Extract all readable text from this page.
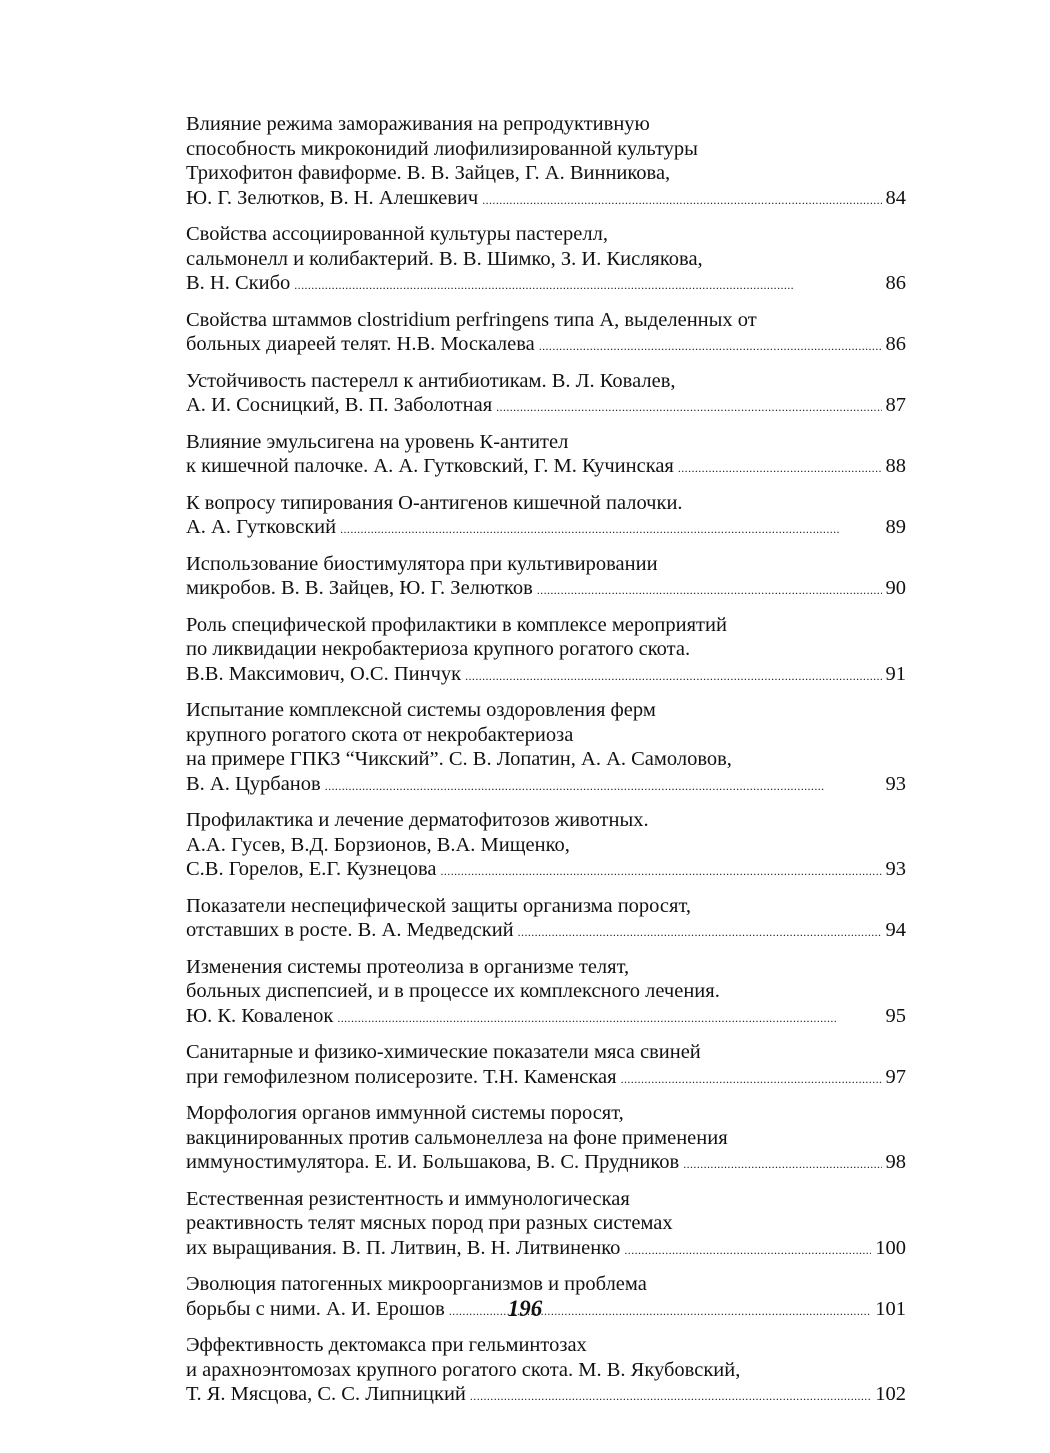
Влияние режима замораживания на репродуктивную
способность микроконидий лиофилизированной культуры
Трихофитон фавиформе. В. В. Зайцев, Г. А. Винникова,
Ю. Г. Зелютков, В. Н. Алешкевич . . .	84
Свойства ассоциированной культуры пастерелл,
сальмонелл и колибактерий. В. В. Шимко, З. И. Кислякова,
В. Н. Скибо . . .	86
Свойства штаммов clostridium perfringens типа А, выделенных от
больных диареей телят. Н.В. Москалева . . .	86
Устойчивость пастерелл к антибиотикам. В. Л. Ковалев,
А. И. Сосницкий, В. П. Заболотная . . .	87
Влияние эмульсигена на уровень К-антител
к кишечной палочке. А. А. Гутковский, Г. М. Кучинская . . .	88
К вопросу типирования О-антигенов кишечной палочки.
А. А. Гутковский . . .	89
Использование биостимулятора при культивировании
микробов. В. В. Зайцев, Ю. Г. Зелютков . . .	90
Роль специфической профилактики в комплексе мероприятий
по ликвидации некробактериоза крупного рогатого скота.
В.В. Максимович, О.С. Пинчук . . .	91
Испытание комплексной системы оздоровления ферм
крупного рогатого скота от некробактериоза
на примере ГПКЗ “Чикский”. С. В. Лопатин, А. А. Самоловов,
В. А. Цурбанов . . .	93
Профилактика и лечение дерматофитозов животных.
А.А. Гусев, В.Д. Борзионов, В.А. Мищенко,
С.В. Горелов, Е.Г. Кузнецова . . .	93
Показатели неспецифической защиты организма поросят,
отставших в росте. В. А. Медведский . . .	94
Изменения системы протеолиза в организме телят,
больных диспепсией, и в процессе их комплексного лечения.
Ю. К. Коваленок . . .	95
Санитарные и физико-химические показатели мяса свиней
при гемофилезном полисерозите. Т.Н. Каменская . . .	97
Морфология органов иммунной системы поросят,
вакцинированных против сальмонеллеза на фоне применения
иммуностимулятора. Е. И. Большакова, В. С. Прудников . . .	98
Естественная резистентность и иммунологическая
реактивность телят мясных пород при разных системах
их выращивания. В. П. Литвин, В. Н. Литвиненко . . .	100
Эволюция патогенных микроорганизмов и проблема
борьбы с ними. А. И. Ерошов . . .	101
Эффективность дектомакса при гельминтозах
и арахноэнтомозах крупного рогатого скота. М. В. Якубовский,
Т. Я. Мясцова, С. С. Липницкий . . .	102
196
